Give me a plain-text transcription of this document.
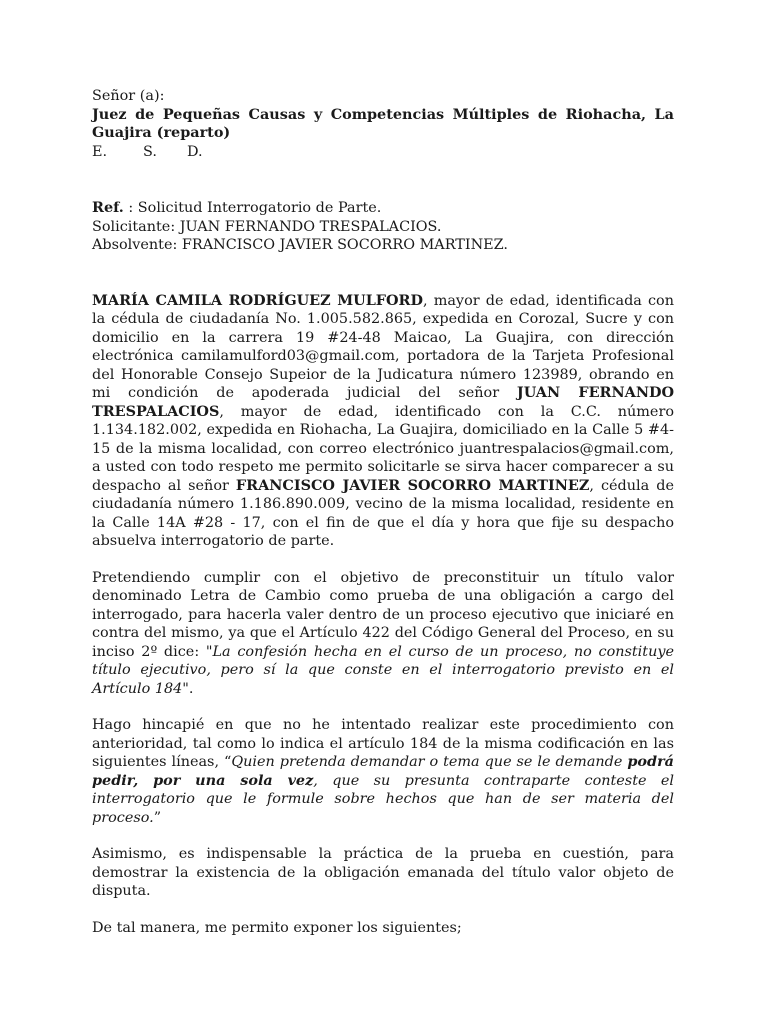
Señor (a):

Juez de Pequeñas Causas y Competencias Múltiples de Riohacha, La Guajira (reparto)

E. S. D.

Ref. : Solicitud Interrogatorio de Parte.

Solicitante: JUAN FERNANDO TRESPALACIOS.

Absolvente: FRANCISCO JAVIER SOCORRO MARTINEZ.

MARÍA CAMILA RODRÍGUEZ MULFORD, mayor de edad, identificada con la cédula de ciudadanía No. 1.005.582.865, expedida en Corozal, Sucre y con domicilio en la carrera 19 #24-48 Maicao, La Guajira, con dirección electrónica camilamulford03@gmail.com, portadora de la Tarjeta Profesional del Honorable Consejo Supeior de la Judicatura número 123989, obrando en mi condición de apoderada judicial del señor JUAN FERNANDO TRESPALACIOS, mayor de edad, identificado con la C.C. número 1.134.182.002, expedida en Riohacha, La Guajira, domiciliado en la Calle 5 #4-15 de la misma localidad, con correo electrónico juantrespalacios@gmail.com, a usted con todo respeto me permito solicitarle se sirva hacer comparecer a su despacho al señor FRANCISCO JAVIER SOCORRO MARTINEZ, cédula de ciudadanía número 1.186.890.009, vecino de la misma localidad, residente en la Calle 14A #28 - 17, con el fin de que el día y hora que fije su despacho absuelva interrogatorio de parte.

Pretendiendo cumplir con el objetivo de preconstituir un título valor denominado Letra de Cambio como prueba de una obligación a cargo del interrogado, para hacerla valer dentro de un proceso ejecutivo que iniciaré en contra del mismo, ya que el Artículo 422 del Código General del Proceso, en su inciso 2º dice: "La confesión hecha en el curso de un proceso, no constituye título ejecutivo, pero sí la que conste en el interrogatorio previsto en el Artículo 184".

Hago hincapié en que no he intentado realizar este procedimiento con anterioridad, tal como lo indica el artículo 184 de la misma codificación en las siguientes líneas, “Quien pretenda demandar o tema que se le demande podrá pedir, por una sola vez, que su presunta contraparte conteste el interrogatorio que le formule sobre hechos que han de ser materia del proceso.”

Asimismo, es indispensable la práctica de la prueba en cuestión, para demostrar la existencia de la obligación emanada del título valor objeto de disputa.

De tal manera, me permito exponer los siguientes;
